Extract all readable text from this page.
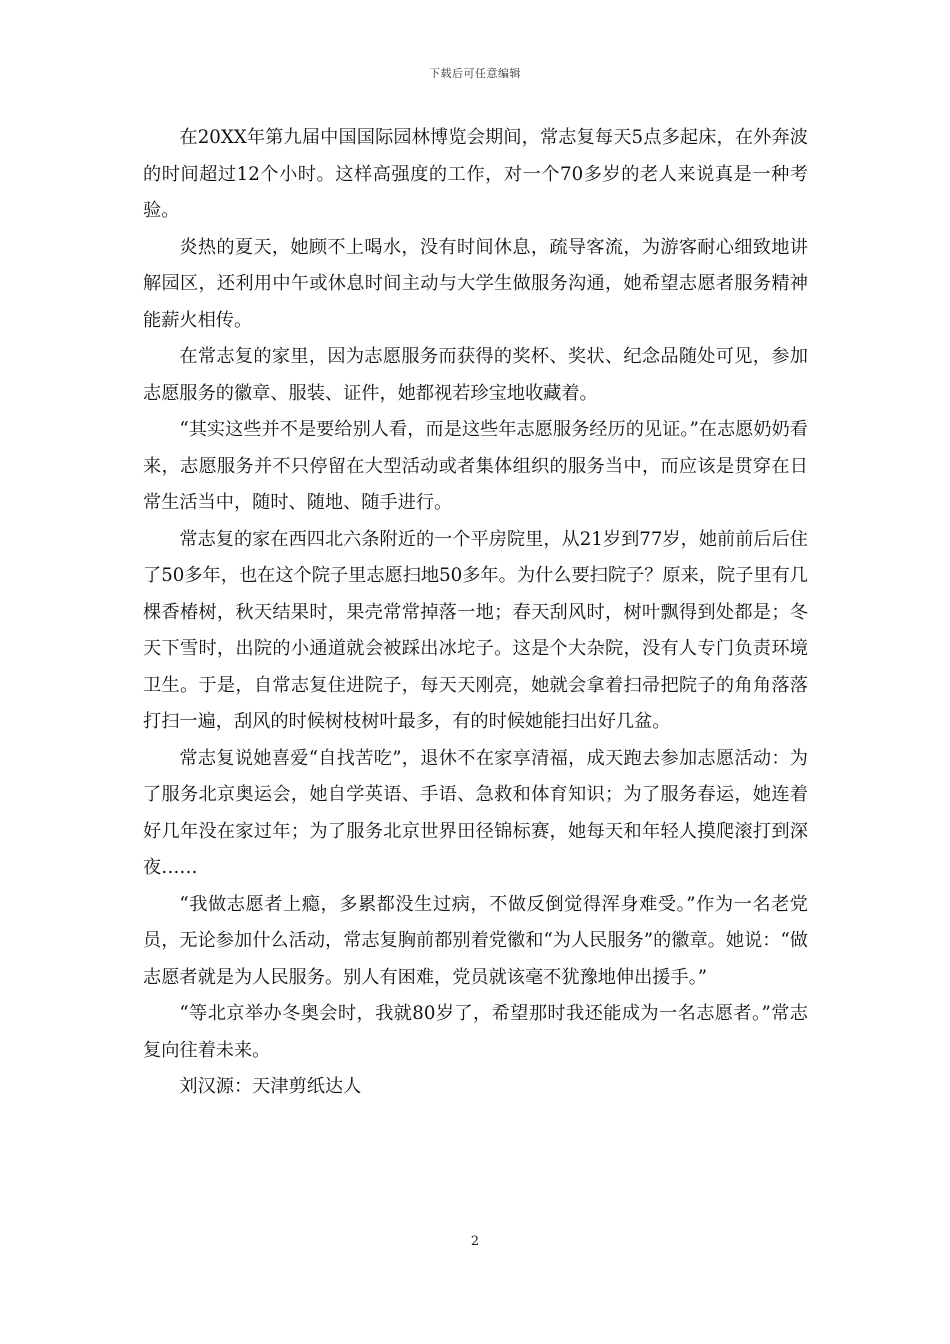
下载后可任意编辑

在20XX年第九届中国国际园林博览会期间，常志复每天5点多起床，在外奔波的时间超过12个小时。这样高强度的工作，对一个70多岁的老人来说真是一种考验。

炎热的夏天，她顾不上喝水，没有时间休息，疏导客流，为游客耐心细致地讲解园区，还利用中午或休息时间主动与大学生做服务沟通，她希望志愿者服务精神能薪火相传。

在常志复的家里，因为志愿服务而获得的奖杯、奖状、纪念品随处可见，参加志愿服务的徽章、服装、证件，她都视若珍宝地收藏着。

“其实这些并不是要给别人看，而是这些年志愿服务经历的见证。”在志愿奶奶看来，志愿服务并不只停留在大型活动或者集体组织的服务当中，而应该是贯穿在日常生活当中，随时、随地、随手进行。

常志复的家在西四北六条附近的一个平房院里，从21岁到77岁，她前前后后住了50多年，也在这个院子里志愿扫地50多年。为什么要扫院子？原来，院子里有几棵香椿树，秋天结果时，果壳常常掉落一地；春天刮风时，树叶飘得到处都是；冬天下雪时，出院的小通道就会被踩出冰坨子。这是个大杂院，没有人专门负责环境卫生。于是，自常志复住进院子，每天天刚亮，她就会拿着扫帚把院子的角角落落打扫一遍，刮风的时候树枝树叶最多，有的时候她能扫出好几盆。

常志复说她喜爱“自找苦吃”，退休不在家享清福，成天跑去参加志愿活动：为了服务北京奥运会，她自学英语、手语、急救和体育知识；为了服务春运，她连着好几年没在家过年；为了服务北京世界田径锦标赛，她每天和年轻人摸爬滚打到深夜……

“我做志愿者上瘾，多累都没生过病，不做反倒觉得浑身难受。”作为一名老党员，无论参加什么活动，常志复胸前都别着党徽和“为人民服务”的徽章。她说：“做志愿者就是为人民服务。别人有困难，党员就该毫不犹豫地伸出援手。”

“等北京举办冬奥会时，我就80岁了，希望那时我还能成为一名志愿者。”常志复向往着未来。

刘汉源：天津剪纸达人

2
